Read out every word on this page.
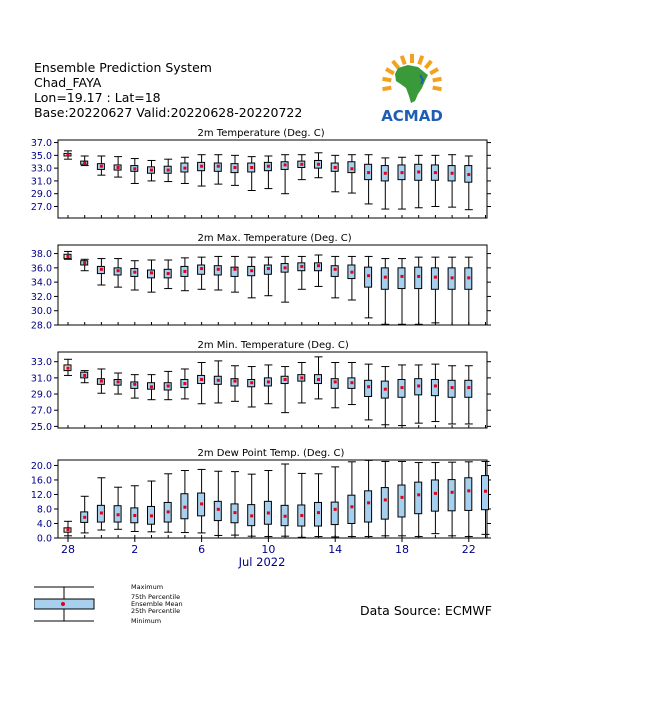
2m Temperature (Deg. C)
27.0
29.0
31.0
33.0
35.0
37.0
2m Max. Temperature (Deg. C)
28.0
30.0
32.0
34.0
36.0
38.0
2m Min. Temperature (Deg. C)
25.0
27.0
29.0
31.0
33.0
2m Dew Point Temp. (Deg. C)
0.0
4.0
8.0
12.0
16.0
20.0
28	2	6	10	14	18	22
Jul 2022
Ensemble Prediction System
Chad_FAYA
Lon=19.17 : Lat=18
Base:20220627 Valid:20220628-20220722	ACMAD
Data Source: ECMWF
Maximum
75th Percentile
Ensemble Mean
25th Percentile
Minimum
